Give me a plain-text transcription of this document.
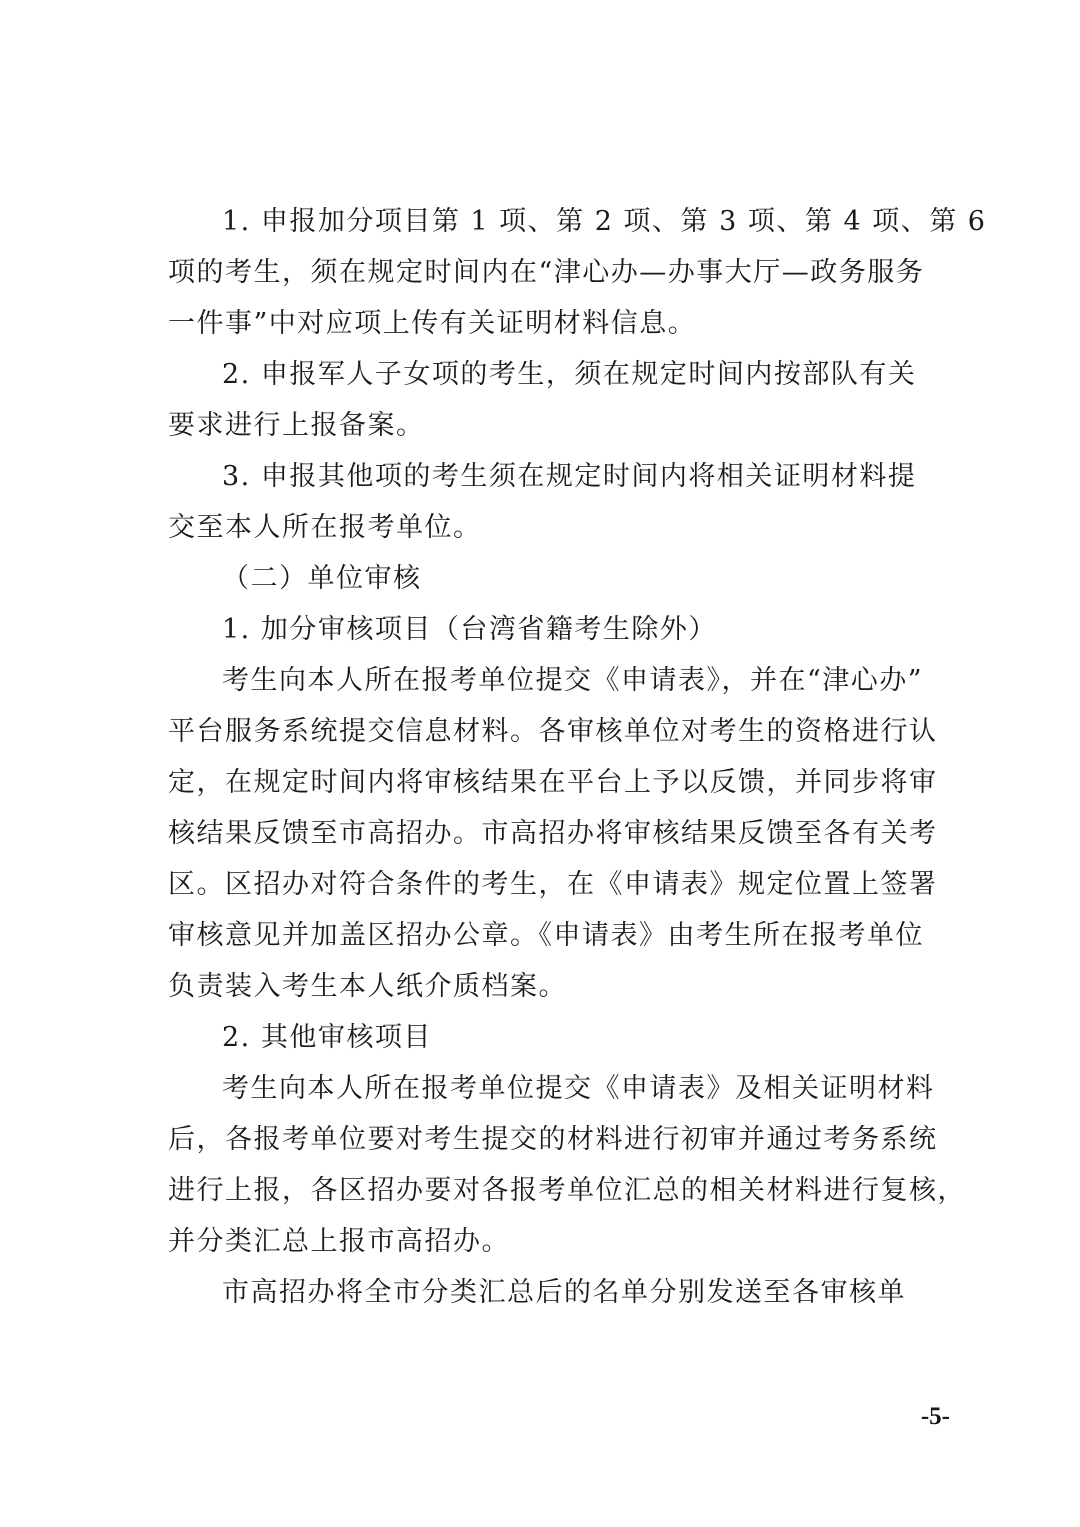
1. 申报加分项目第 1 项、第 2 项、第 3 项、第 4 项、第 6
项的考生，须在规定时间内在“津心办—办事大厅—政务服务
一件事”中对应项上传有关证明材料信息。
2. 申报军人子女项的考生，须在规定时间内按部队有关
要求进行上报备案。
3. 申报其他项的考生须在规定时间内将相关证明材料提
交至本人所在报考单位。
（二）单位审核
1. 加分审核项目（台湾省籍考生除外）
考生向本人所在报考单位提交《申请表》，并在“津心办”
平台服务系统提交信息材料。各审核单位对考生的资格进行认
定，在规定时间内将审核结果在平台上予以反馈，并同步将审
核结果反馈至市高招办。市高招办将审核结果反馈至各有关考
区。区招办对符合条件的考生，在《申请表》规定位置上签署
审核意见并加盖区招办公章。《申请表》由考生所在报考单位
负责装入考生本人纸介质档案。
2. 其他审核项目
考生向本人所在报考单位提交《申请表》及相关证明材料
后，各报考单位要对考生提交的材料进行初审并通过考务系统
进行上报，各区招办要对各报考单位汇总的相关材料进行复核，
并分类汇总上报市高招办。
市高招办将全市分类汇总后的名单分别发送至各审核单
-5-
